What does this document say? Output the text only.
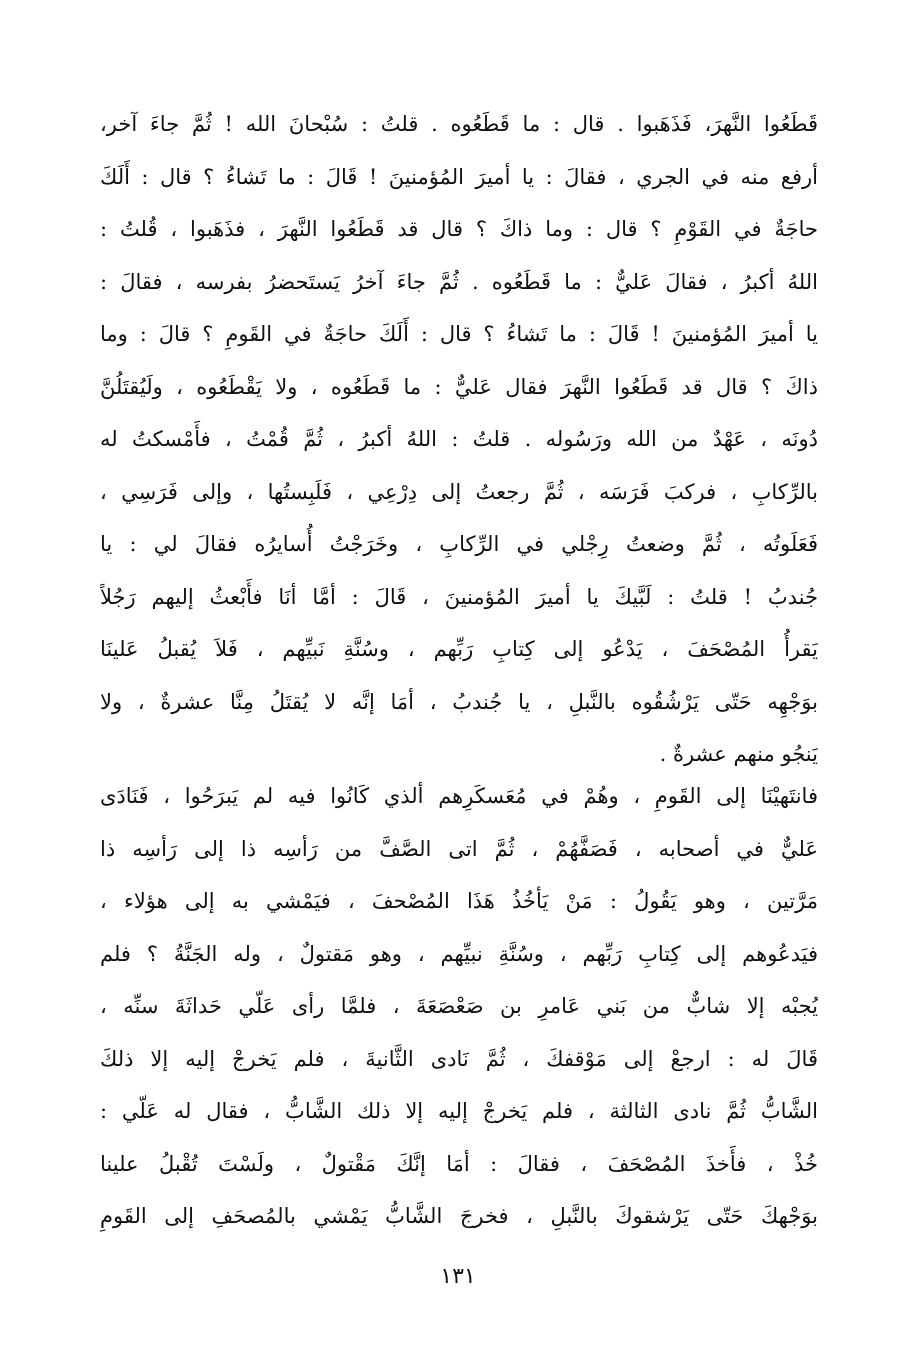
قَطَعُوا النَّهرَ، فَذَهَبوا . قال : ما قَطَعُوه . قلتُ : سُبْحانَ الله ! ثُمَّ جاءَ آخر،
أرفع منه في الجري ، فقالَ : يا أميرَ المُؤمنينَ ! قَالَ : ما تَشاءُ ؟ قال : أَلَكَ
حاجَةٌ في القَوْمِ ؟ قال : وما ذاكَ ؟ قال قد قَطَعُوا النَّهرَ ، فذَهَبوا ، قُلتُ :
اللهُ أكبرُ ، فقالَ عَليٌّ : ما قَطَعُوه . ثُمَّ جاءَ آخرُ يَستَحضرُ بفرسه ، فقالَ :
يا أميرَ المُؤمنينَ ! قَالَ : ما تَشاءُ ؟ قال : أَلَكَ حاجَةٌ في القَومِ ؟ قالَ : وما
ذاكَ ؟ قال قد قَطَعُوا النَّهرَ فقال عَليٌّ : ما قَطَعُوه ، ولا يَقْطَعُوه ، ولَيُقتَلُنَّ
دُونَه ، عَهْدٌ من الله ورَسُوله . قلتُ : اللهُ أكبرُ ، ثُمَّ قُمْتُ ، فأَمْسكتُ له
بالرِّكابِ ، فركبَ فَرَسَه ، ثُمَّ رجعتُ إلى دِرْعِي ، فَلَبِستُها ، وإلى فَرَسِي ،
فَعَلَوتُه ، ثُمَّ وضعتُ رِجْلي في الرِّكابِ ، وخَرَجْتُ أُسايرُه فقالَ لي : يا
جُندبُ ! قلتُ : لَبَّيكَ يا أميرَ المُؤمنينَ ، قَالَ : أمَّا أنَا فأَبْعثُ إليهم رَجُلاً
يَقرأُ المُصْحَفَ ، يَدْعُو إلى كِتابِ رَبِّهم ، وسُنَّةِ نَبيِّهم ، فَلاَ يُقبلُ عَلينَا
بوَجْهِه حَتّى يَرْشُقُوه بالنَّبلِ ، يا جُندبُ ، أمَا إنَّه لا يُقتَلُ مِنَّا عشرةٌ ، ولا
يَنجُو منهم عشرةٌ .
فانتَهيْنَا إلى القَومِ ، وهُمْ في مُعَسكَرِهم ألذي كَانُوا فيه لم يَبرَحُوا ، فَنَادَى
عَليٌّ في أصحابه ، فَصَفَّهُمْ ، ثُمَّ اتى الصَّفَّ من رَأسِه ذا إلى رَأسِه ذا
مَرَّتين ، وهو يَقُولُ : مَنْ يَأخُذُ هَذَا المُصْحفَ ، فيَمْشي به إلى هؤلاء ،
فيَدعُوهم إلى كِتابِ رَبِّهم ، وسُنَّةِ نبيِّهم ، وهو مَقتولٌ ، وله الجَنَّةُ ؟ فلم
يُجبْه إلا شابٌّ من بَني عَامرِ بن صَعْصَعَةَ ، فلمَّا رأى عَلّي حَداثَةَ سنِّه ،
قَالَ له : ارجعْ إلى مَوْقفكَ ، ثُمَّ نَادى الثَّانيةَ ، فلم يَخرجْ إليه إلا ذلكَ
الشَّابُّ ثُمَّ نادى الثالثة ، فلم يَخرجْ إليه إلا ذلك الشَّابُّ ، فقال له عَلّي :
خُذْ ، فأَخذَ المُصْحَفَ ، فقالَ : أمَا إنَّكَ مَقْتولٌ ، ولَسْتَ تُقْبلُ علينا
بوَجْهكَ حَتّى يَرْشقوكَ بالنَّبلِ ، فخرجَ الشَّابُّ يَمْشي بالمُصحَفِ إلى القَومِ
١٣١
